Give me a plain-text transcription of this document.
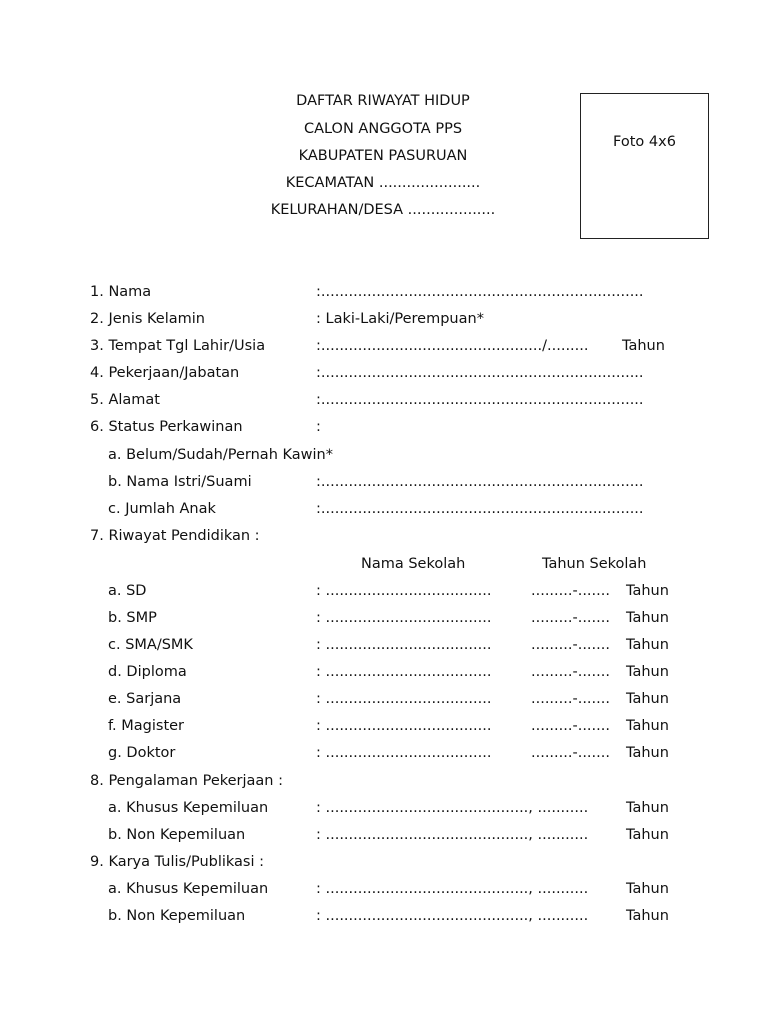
DAFTAR RIWAYAT HIDUP
CALON ANGGOTA PPS
KABUPATEN PASURUAN
KECAMATAN ......................
KELURAHAN/DESA ...................
Foto 4x6
1. Nama	:......................................................................
2. Jenis Kelamin	: Laki-Laki/Perempuan*
3. Tempat Tgl Lahir/Usia	:................................................/......... Tahun
4. Pekerjaan/Jabatan	:......................................................................
5. Alamat	:......................................................................
6. Status Perkawinan	:
a. Belum/Sudah/Pernah Kawin*
b. Nama Istri/Suami	:......................................................................
c. Jumlah Anak	:......................................................................
7. Riwayat Pendidikan :
Nama Sekolah	Tahun Sekolah
a. SD	: ....................................	.........-....... Tahun
b. SMP	: ....................................	.........-....... Tahun
c. SMA/SMK	: ....................................	.........-....... Tahun
d. Diploma	: ....................................	.........-....... Tahun
e. Sarjana	: ....................................	.........-....... Tahun
f. Magister	: ....................................	.........-....... Tahun
g. Doktor	: ....................................	.........-....... Tahun
8. Pengalaman Pekerjaan :
a. Khusus Kepemiluan	: ............................................, ...........	Tahun
b. Non Kepemiluan	: ............................................, ...........	Tahun
9. Karya Tulis/Publikasi :
a. Khusus Kepemiluan	: ............................................, ...........	Tahun
b. Non Kepemiluan	: ............................................, ...........	Tahun
